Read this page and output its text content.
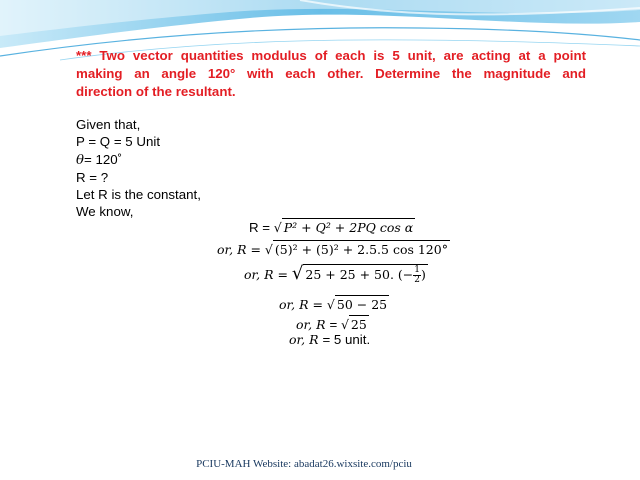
*** Two vector quantities modulus of each is 5 unit, are acting at a point
making an angle 120° with each other. Determine the magnitude and
direction of the resultant.
Given that,
P = Q = 5 Unit
θ= 120˚
R = ?
Let R is the constant,
We know,
R = √ P² + Q² + 2PQ cos α
or, R = √ (5)² + (5)² + 2.5.5 cos 120°
or, R = √ 25 + 25 + 50. (− $\frac{1}{2}$ )
or, R = √ 50 − 25
or, R = √ 25
or, R = 5 unit.
PCIU-MAH Website: abadat26.wixsite.com/pciu
